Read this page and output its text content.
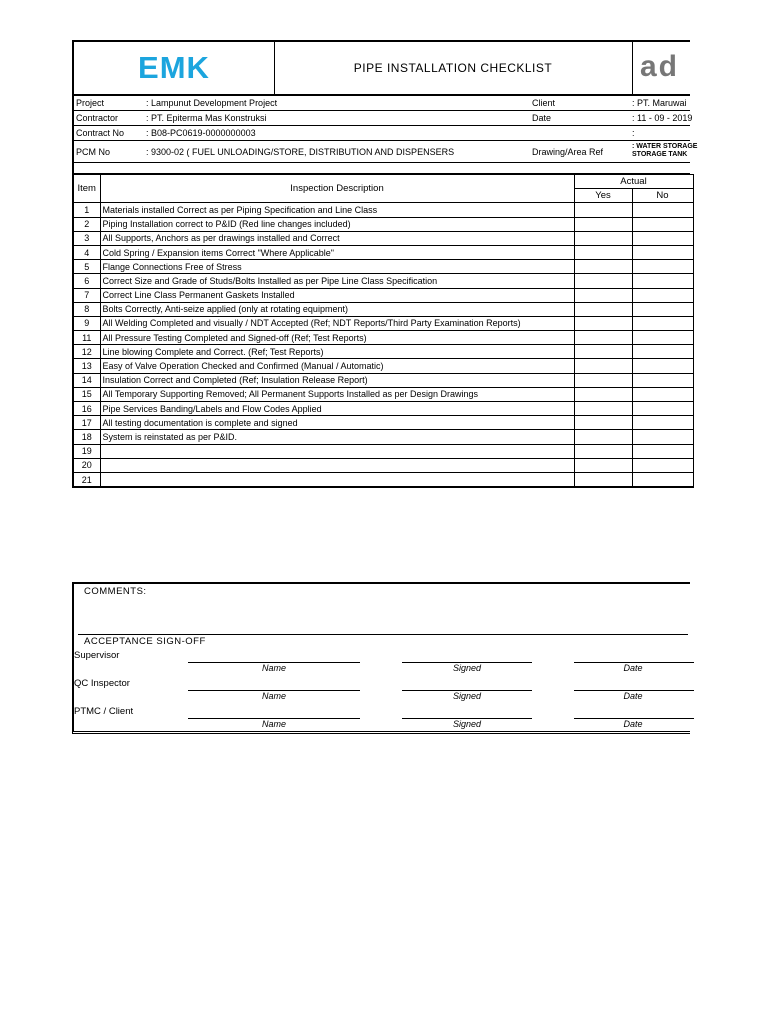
EMK	PIPE INSTALLATION CHECKLIST	ad
Project	: Lampunut Development Project	Client	: PT. Maruwai
Contractor	: PT. Epiterma Mas Konstruksi	Date	: 11 - 09 - 2019
Contract No : B08-PC0619-0000000003	:
PCM No	: 9300-02 ( FUEL UNLOADING/STORE, DISTRIBUTION AND DISPENSERS	Drawing/Area Ref
: WATER STORAGE
STORAGE TANK
Item	Inspection Description	Actual	
		Yes	No
1	Materials installed Correct as per Piping Specification and Line Class		
2	Piping Installation correct to P&ID (Red line changes included)		
3	All Supports, Anchors as per drawings installed and Correct		
4	Cold Spring / Expansion items Correct "Where Applicable"		
5	Flange Connections Free of Stress		
6	Correct Size and Grade of Studs/Bolts Installed as per Pipe Line Class Specification		
7	Correct Line Class Permanent Gaskets Installed		
8	Bolts Correctly, Anti-seize applied (only at rotating equipment)		
9	All Welding Completed and visually / NDT Accepted (Ref; NDT Reports/Third Party Examination Reports)		
11	All Pressure Testing Completed and Signed-off (Ref; Test Reports)		
12	Line blowing Complete and Correct. (Ref; Test Reports)		
13	Easy of Valve Operation Checked and Confirmed (Manual / Automatic)		
14	Insulation Correct and Completed (Ref; Insulation Release Report)		
15	All Temporary Supporting Removed; All Permanent Supports Installed as per Design Drawings		
16	Pipe Services Banding/Labels and Flow Codes Applied		
17	All testing documentation is complete and signed		
18	System is reinstated as per P&ID.		
19			
20			
21			
COMMENTS:
ACCEPTANCE SIGN-OFF
Supervisor
Name	Signed	Date
QC Inspector
Name	Signed	Date
PTMC / Client
Name	Signed	Date
